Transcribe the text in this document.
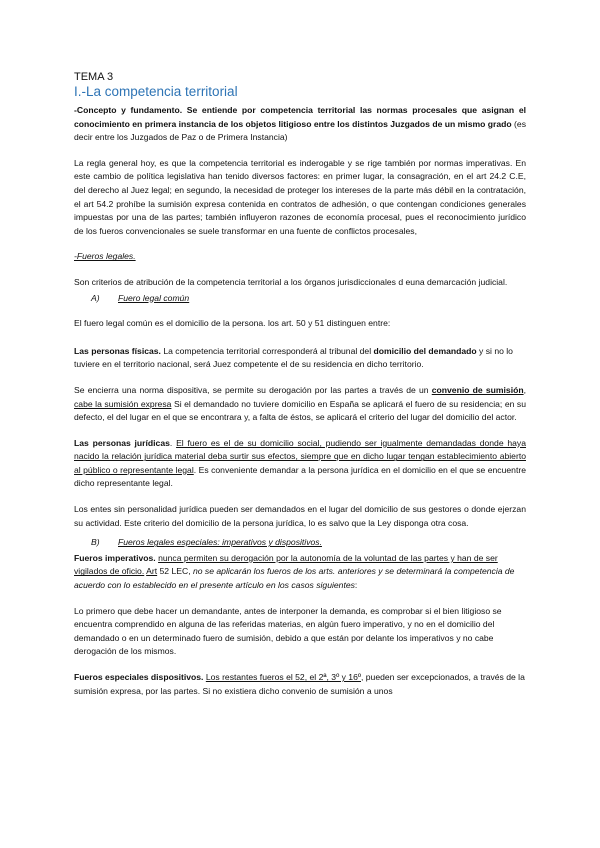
TEMA 3

I.-La competencia territorial

-Concepto y fundamento. Se entiende por competencia territorial las normas procesales que asignan el conocimiento en primera instancia de los objetos litigioso entre los distintos Juzgados de un mismo grado (es decir entre los Juzgados de Paz o de Primera Instancia)

La regla general hoy, es que la competencia territorial es inderogable y se rige también por normas imperativas. En este cambio de política legislativa han tenido diversos factores: en primer lugar, la consagración, en el art 24.2 C.E, del derecho al Juez legal; en segundo, la necesidad de proteger los intereses de la parte más débil en la contratación, el art 54.2 prohíbe la sumisión expresa contenida en contratos de adhesión, o que contengan condiciones generales impuestas por una de las partes; también influyeron razones de economía procesal, pues el reconocimiento jurídico de los fueros convencionales se suele transformar en una fuente de conflictos procesales,

-Fueros legales.

Son criterios de atribución de la competencia territorial a los órganos jurisdiccionales d euna demarcación judicial.

A)	Fuero legal común

El fuero legal común es el domicilio de la persona. los art. 50 y 51 distinguen entre:

Las personas físicas. La competencia territorial corresponderá al tribunal del domicilio del demandado y si no lo tuviere en el territorio nacional, será Juez competente el de su residencia en dicho territorio.

Se encierra una norma dispositiva, se permite su derogación por las partes a través de un convenio de sumisión, cabe la sumisión expresa Si el demandado no tuviere domicilio en España se aplicará el fuero de su residencia; en su defecto, el del lugar en el que se encontrara y, a falta de éstos, se aplicará el criterio del lugar del domicilio del actor.

Las personas jurídicas. El fuero es el de su domicilio social, pudiendo ser igualmente demandadas donde haya nacido la relación jurídica material deba surtir sus efectos, siempre que en dicho lugar tengan establecimiento abierto al público o representante legal. Es conveniente demandar a la persona jurídica en el domicilio en el que se encuentre dicho representante legal.

Los entes sin personalidad jurídica pueden ser demandados en el lugar del domicilio de sus gestores o donde ejerzan su actividad. Este criterio del domicilio de la persona jurídica, lo es salvo que la Ley disponga otra cosa.

B)	Fueros legales especiales: imperativos y dispositivos.

Fueros imperativos. nunca permiten su derogación por la autonomía de la voluntad de las partes y han de ser vigilados de oficio. Art 52 LEC, no se aplicarán los fueros de los arts. anteriores y se determinará la competencia de acuerdo con lo establecido en el presente artículo en los casos siguientes:

Lo primero que debe hacer un demandante, antes de interponer la demanda, es comprobar si el bien litigioso se encuentra comprendido en alguna de las referidas materias, en algún fuero imperativo, y no en el domicilio del demandado o en un determinado fuero de sumisión, debido a que están por delante los imperativos y no cabe derogación de los mismos.

Fueros especiales dispositivos. Los restantes fueros el 52, el 2ª, 3º y 16º, pueden ser excepcionados, a través de la sumisión expresa, por las partes. Si no existiera dicho convenio de sumisión a unos
